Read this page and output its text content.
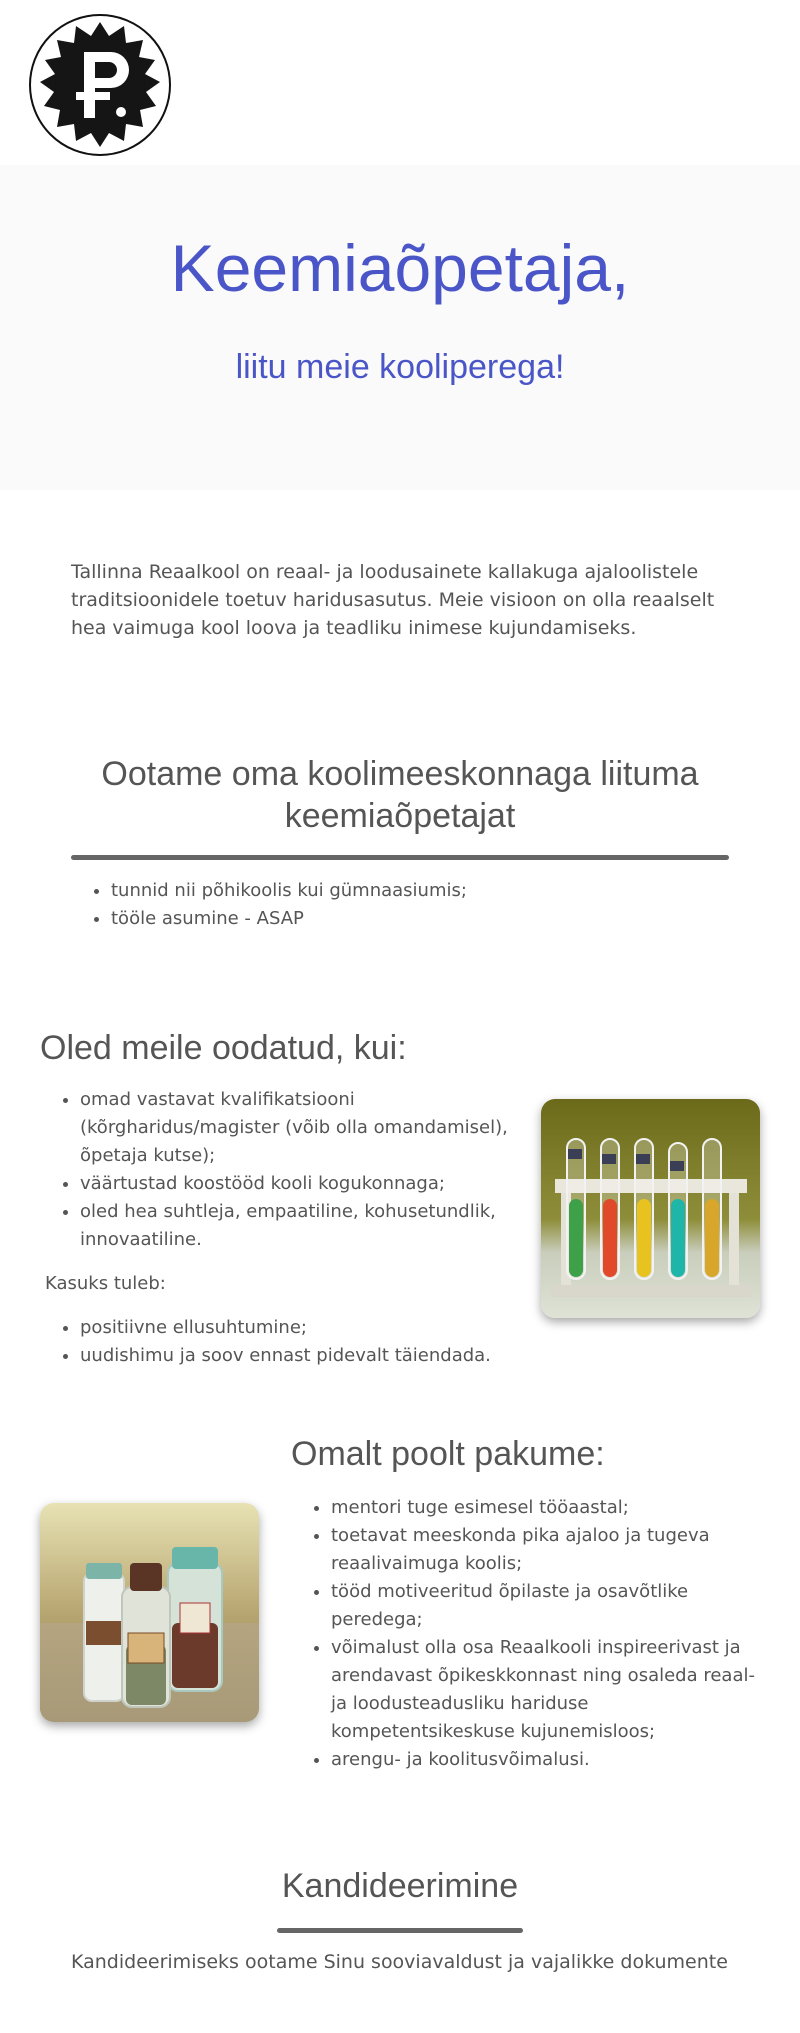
Keemiaõpetaja,
liitu meie kooliperega!
Tallinna Reaalkool on reaal- ja loodusainete kallakuga ajaloolistele traditsioonidele toetuv haridusasutus. Meie visioon on olla reaalselt hea vaimuga kool loova ja teadliku inimese kujundamiseks.
Ootame oma koolimeeskonnaga liituma keemiaõpetajat
• tunnid nii põhikoolis kui gümnaasiumis;
• tööle asumine - ASAP
Oled meile oodatud, kui:
• omad vastavat kvalifikatsiooni (kõrgharidus/magister (võib olla omandamisel), õpetaja kutse);
• väärtustad koostööd kooli kogukonnaga;
• oled hea suhtleja, empaatiline, kohusetundlik, innovaatiline.
Kasuks tuleb:
• positiivne ellusuhtumine;
• uudishimu ja soov ennast pidevalt täiendada.
Omalt poolt pakume:
• mentori tuge esimesel tööaastal;
• toetavat meeskonda pika ajaloo ja tugeva reaalivaimuga koolis;
• tööd motiveeritud õpilaste ja osavõtlike peredega;
• võimalust olla osa Reaalkooli inspireerivast ja arendavast õpikeskkonnast ning osaleda reaal- ja loodusteadusliku hariduse kompetentsikeskuse kujunemisloos;
• arengu- ja koolitusvõimalusi.
Kandideerimine
Kandideerimiseks ootame Sinu sooviavaldust ja vajalikke dokumente
